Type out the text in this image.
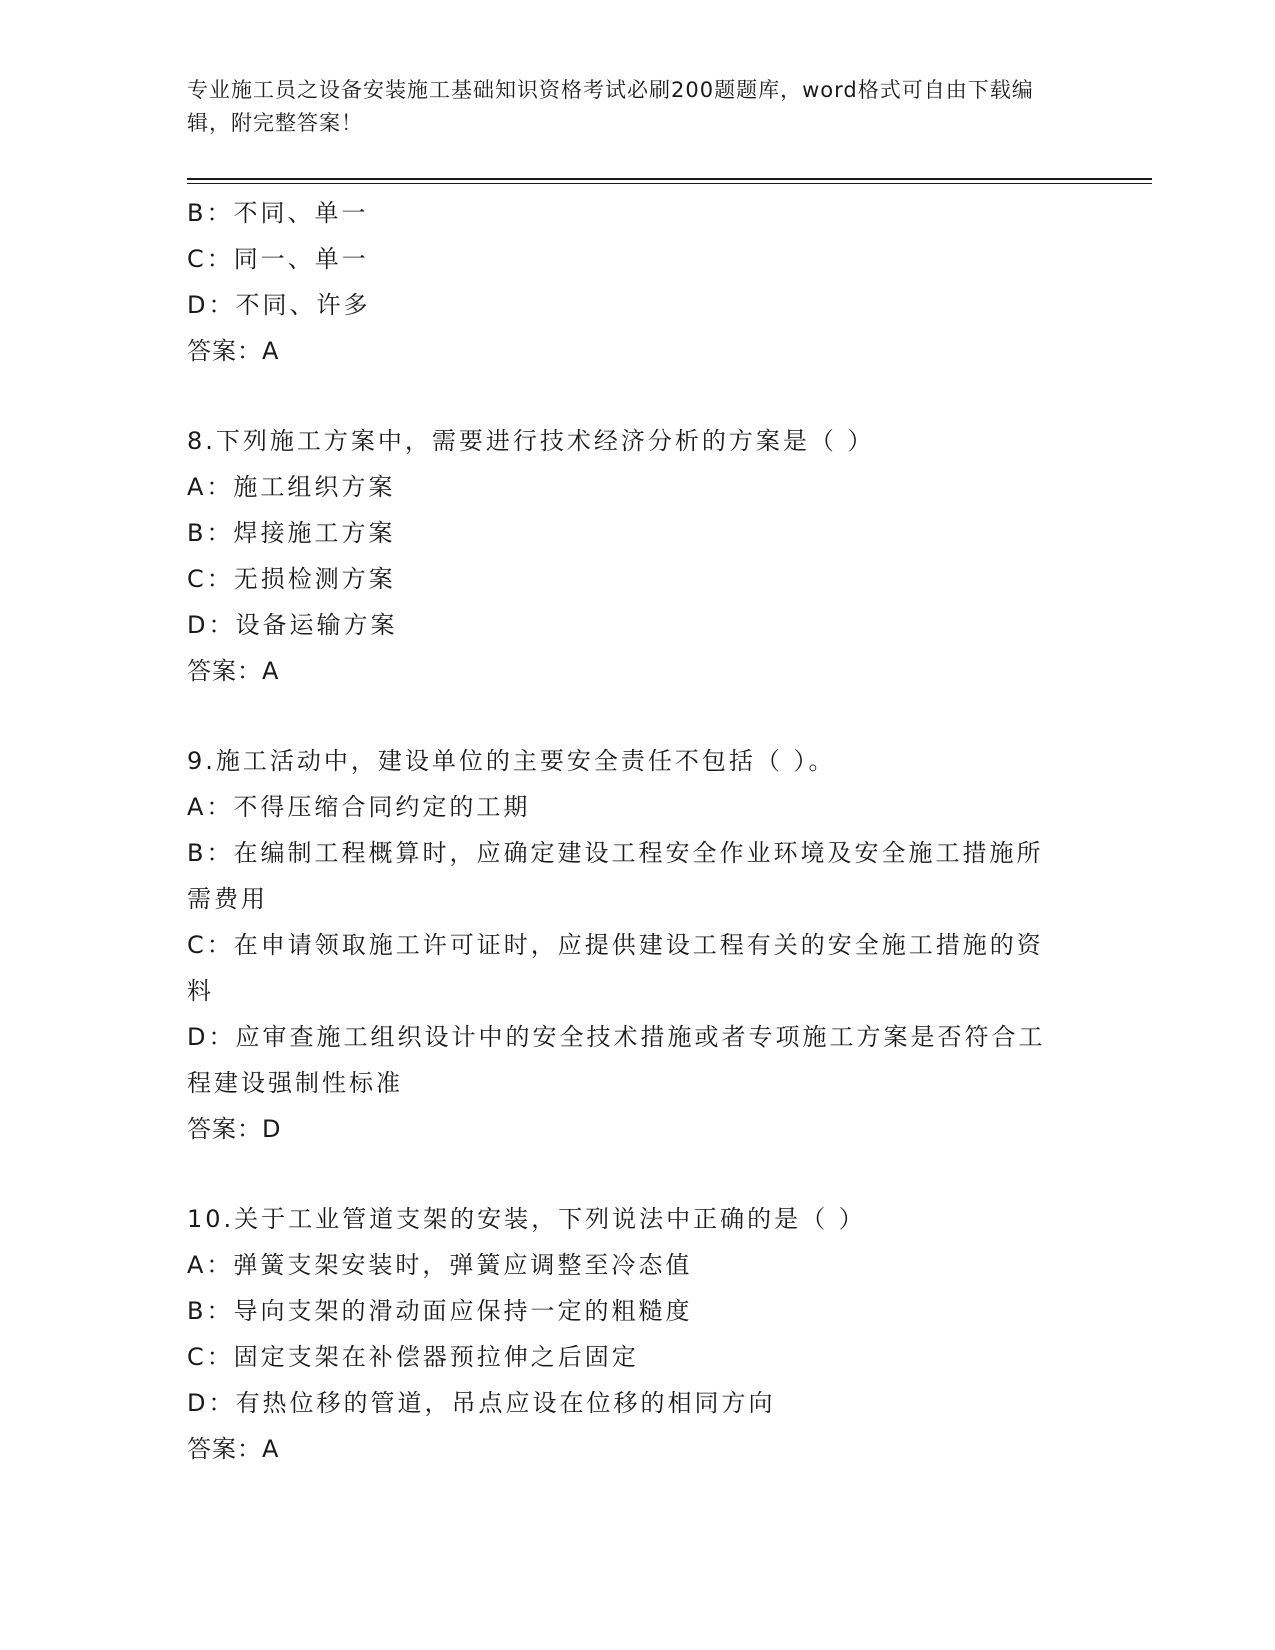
专业施工员之设备安装施工基础知识资格考试必刷200题题库，word格式可自由下载编辑，附完整答案！
B：不同、单一
C：同一、单一
D：不同、许多
答案：A
8.下列施工方案中，需要进行技术经济分析的方案是（ ）
A：施工组织方案
B：焊接施工方案
C：无损检测方案
D：设备运输方案
答案：A
9.施工活动中，建设单位的主要安全责任不包括（ ）。
A：不得压缩合同约定的工期
B：在编制工程概算时，应确定建设工程安全作业环境及安全施工措施所需费用
C：在申请领取施工许可证时，应提供建设工程有关的安全施工措施的资料
D：应审查施工组织设计中的安全技术措施或者专项施工方案是否符合工程建设强制性标准
答案：D
10.关于工业管道支架的安装，下列说法中正确的是（ ）
A：弹簧支架安装时，弹簧应调整至冷态值
B：导向支架的滑动面应保持一定的粗糙度
C：固定支架在补偿器预拉伸之后固定
D：有热位移的管道，吊点应设在位移的相同方向
答案：A
